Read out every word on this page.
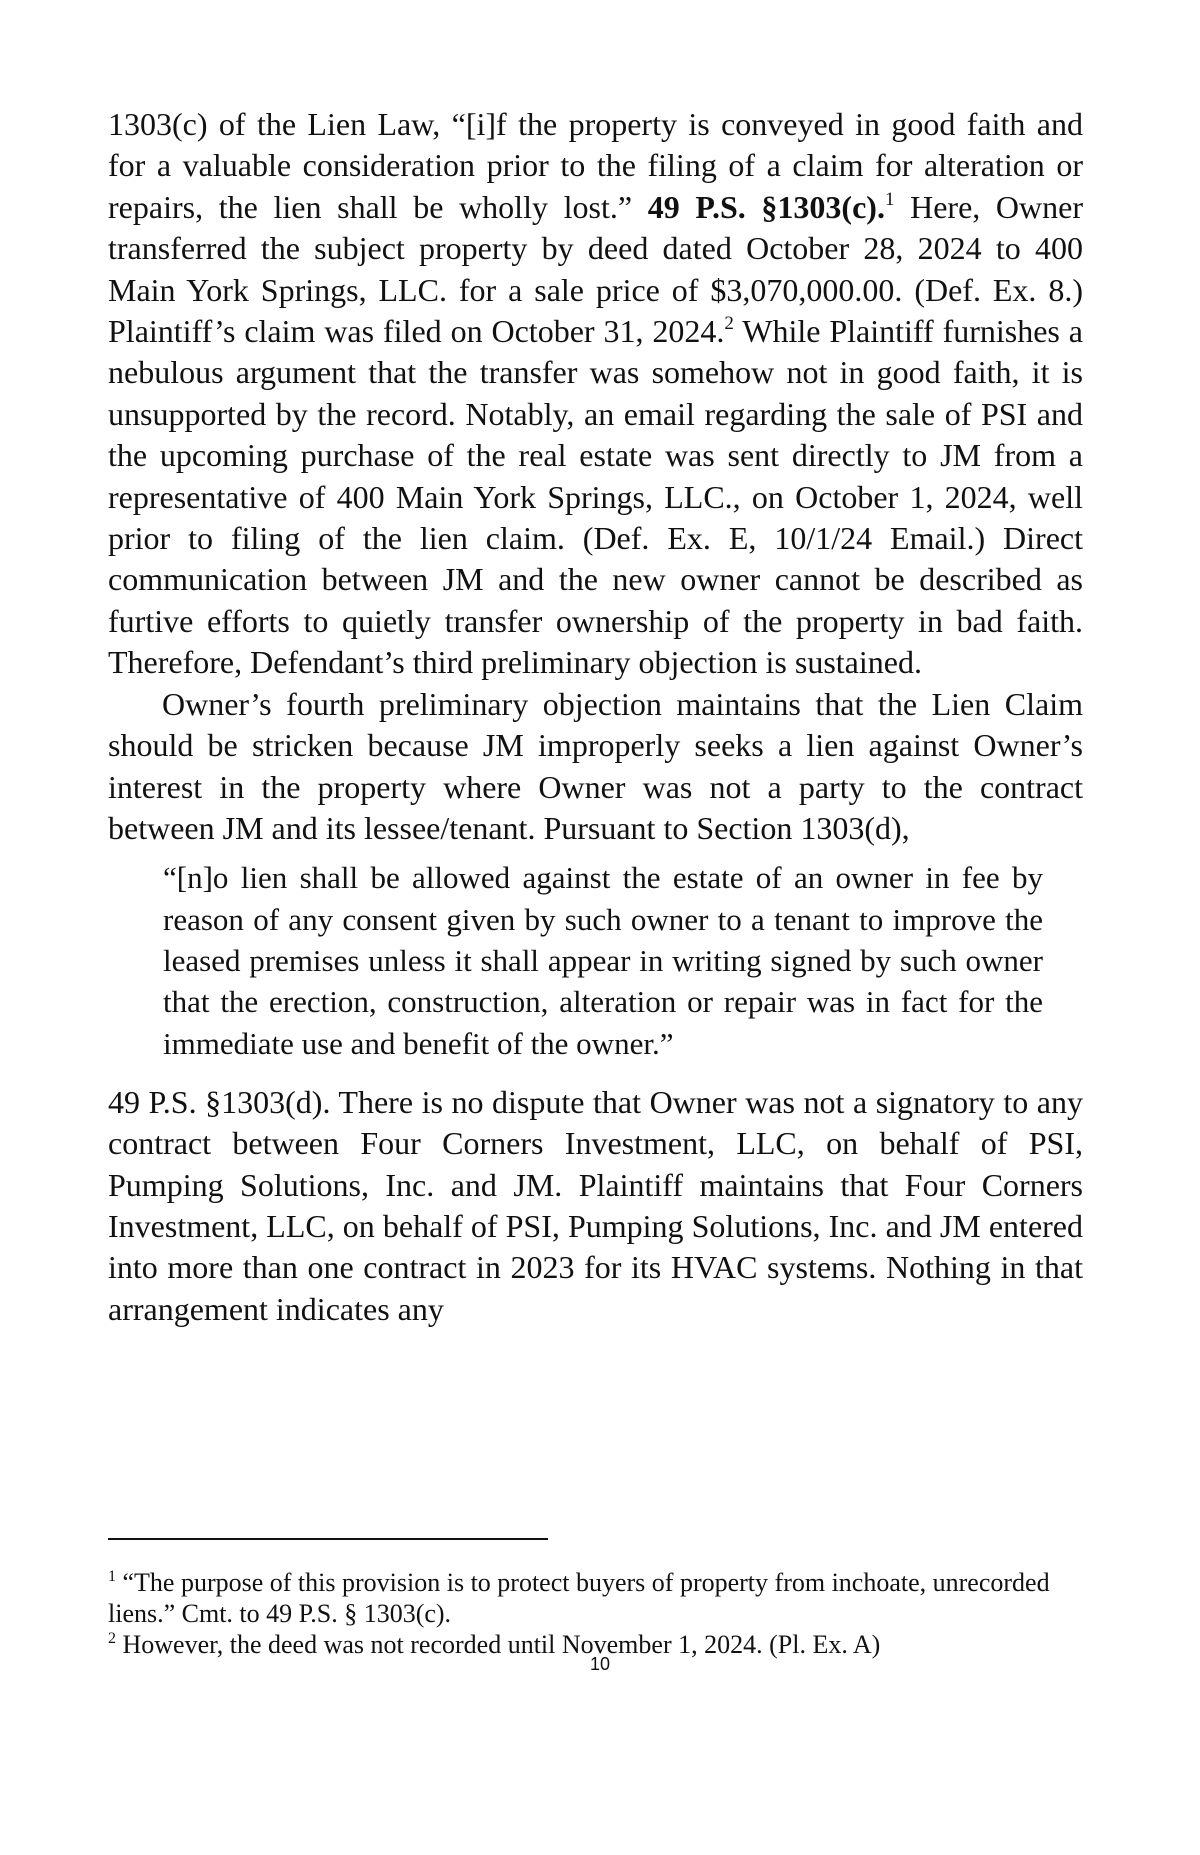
1303(c) of the Lien Law, “[i]f the property is conveyed in good faith and for a valuable consideration prior to the filing of a claim for alteration or repairs, the lien shall be wholly lost.” 49 P.S. §1303(c).$^1$ Here, Owner transferred the subject property by deed dated October 28, 2024 to 400 Main York Springs, LLC. for a sale price of $3,070,000.00. (Def. Ex. 8.) Plaintiff’s claim was filed on October 31, 2024.$^2$ While Plaintiff furnishes a nebulous argument that the transfer was somehow not in good faith, it is unsupported by the record. Notably, an email regarding the sale of PSI and the upcoming purchase of the real estate was sent directly to JM from a representative of 400 Main York Springs, LLC., on October 1, 2024, well prior to filing of the lien claim. (Def. Ex. E, 10/1/24 Email.) Direct communication between JM and the new owner cannot be described as furtive efforts to quietly transfer ownership of the property in bad faith. Therefore, Defendant’s third preliminary objection is sustained.

Owner’s fourth preliminary objection maintains that the Lien Claim should be stricken because JM improperly seeks a lien against Owner’s interest in the property where Owner was not a party to the contract between JM and its lessee/tenant. Pursuant to Section 1303(d),

“[n]o lien shall be allowed against the estate of an owner in fee by reason of any consent given by such owner to a tenant to improve the leased premises unless it shall appear in writing signed by such owner that the erection, construction, alteration or repair was in fact for the immediate use and benefit of the owner.”

49 P.S. §1303(d). There is no dispute that Owner was not a signatory to any contract between Four Corners Investment, LLC, on behalf of PSI, Pumping Solutions, Inc. and JM. Plaintiff maintains that Four Corners Investment, LLC, on behalf of PSI, Pumping Solutions, Inc. and JM entered into more than one contract in 2023 for its HVAC systems. Nothing in that arrangement indicates any

$^1$ “The purpose of this provision is to protect buyers of property from inchoate, unrecorded liens.” Cmt. to 49 P.S. § 1303(c).

$^2$ However, the deed was not recorded until November 1, 2024. (Pl. Ex. A)

10
